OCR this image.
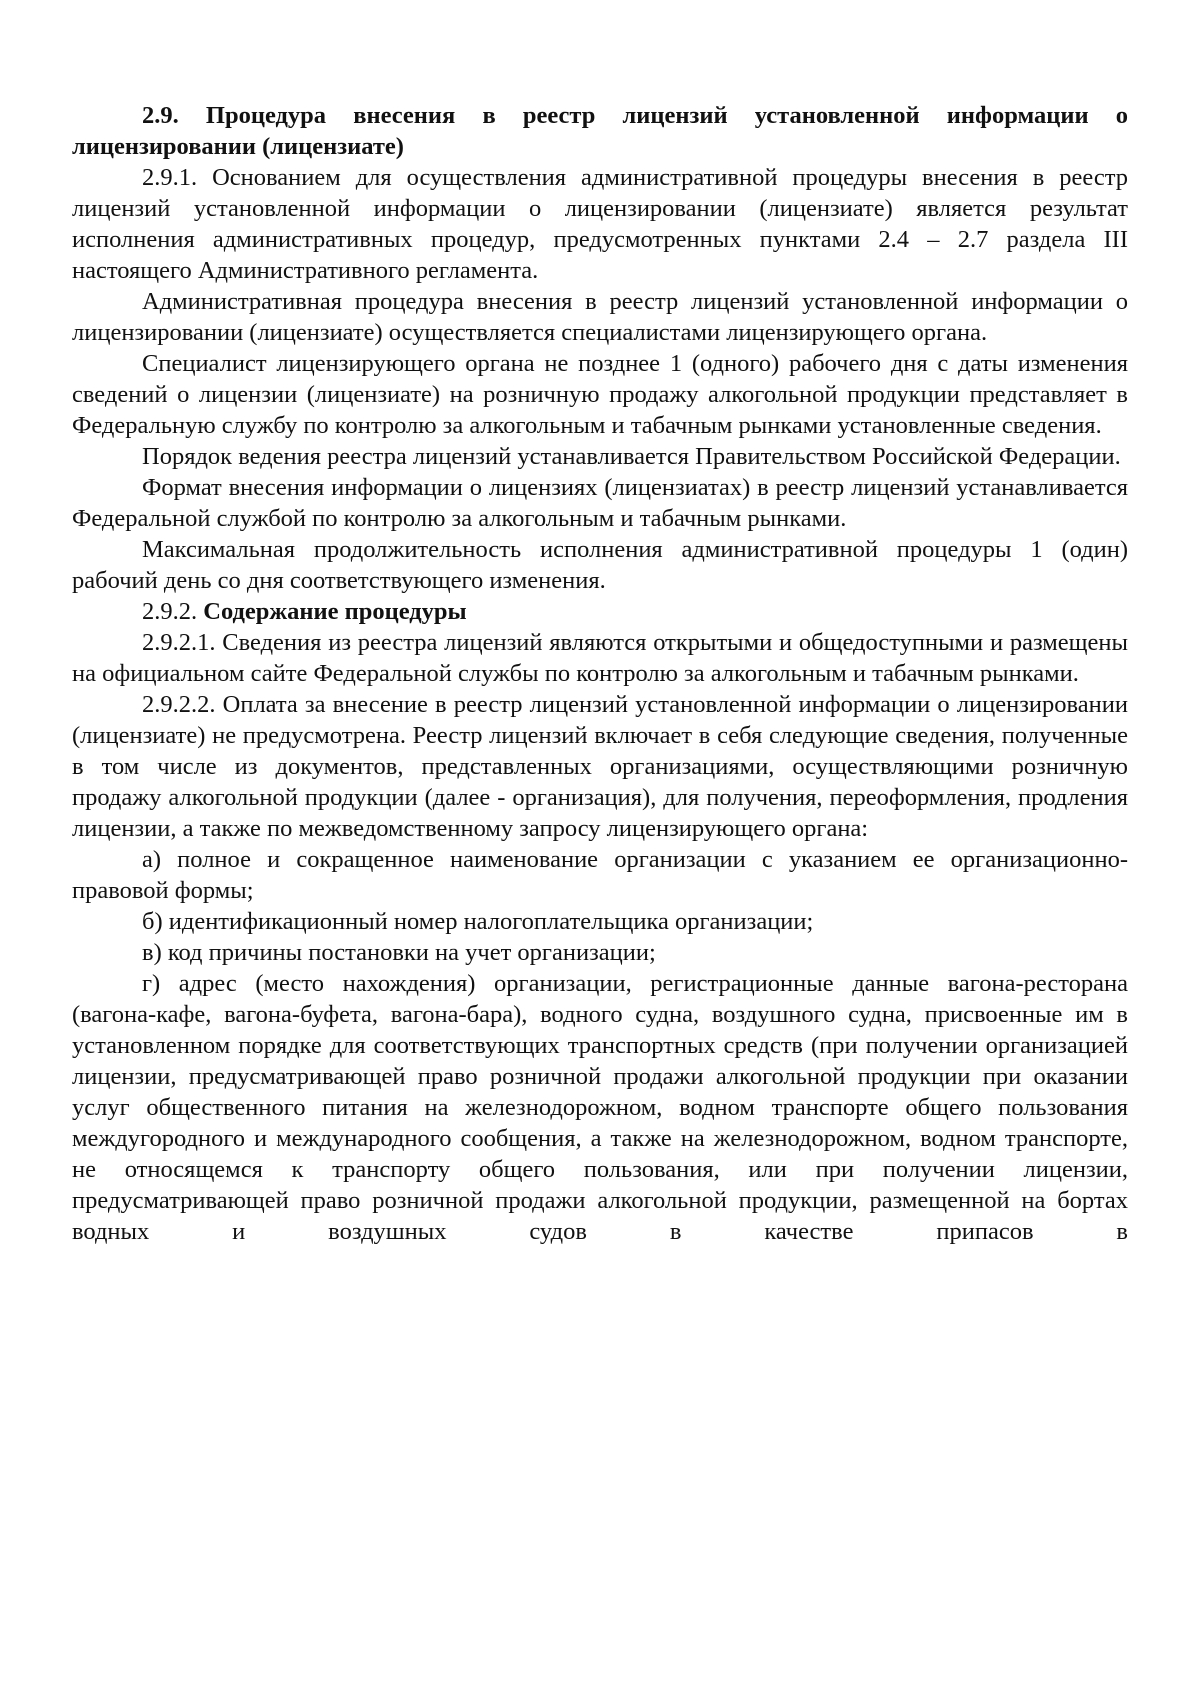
2.9. Процедура внесения в реестр лицензий установленной информации о лицензировании (лицензиате)

2.9.1. Основанием для осуществления административной процедуры внесения в реестр лицензий установленной информации о лицензировании (лицензиате) является результат исполнения административных процедур, предусмотренных пунктами 2.4 – 2.7 раздела III настоящего Административного регламента.

Административная процедура внесения в реестр лицензий установленной информации о лицензировании (лицензиате) осуществляется специалистами лицензирующего органа.

Специалист лицензирующего органа не позднее 1 (одного) рабочего дня с даты изменения сведений о лицензии (лицензиате) на розничную продажу алкогольной продукции представляет в Федеральную службу по контролю за алкогольным и табачным рынками установленные сведения.

Порядок ведения реестра лицензий устанавливается Правительством Российской Федерации.

Формат внесения информации о лицензиях (лицензиатах) в реестр лицензий устанавливается Федеральной службой по контролю за алкогольным и табачным рынками.

Максимальная продолжительность исполнения административной процедуры 1 (один) рабочий день со дня соответствующего изменения.

2.9.2. Содержание процедуры

2.9.2.1. Сведения из реестра лицензий являются открытыми и общедоступными и размещены на официальном сайте Федеральной службы по контролю за алкогольным и табачным рынками.

2.9.2.2. Оплата за внесение в реестр лицензий установленной информации о лицензировании (лицензиате) не предусмотрена. Реестр лицензий включает в себя следующие сведения, полученные в том числе из документов, представленных организациями, осуществляющими розничную продажу алкогольной продукции (далее - организация), для получения, переоформления, продления лицензии, а также по межведомственному запросу лицензирующего органа:

а) полное и сокращенное наименование организации с указанием ее организационно-правовой формы;

б) идентификационный номер налогоплательщика организации;

в) код причины постановки на учет организации;

г) адрес (место нахождения) организации, регистрационные данные вагона-ресторана (вагона-кафе, вагона-буфета, вагона-бара), водного судна, воздушного судна, присвоенные им в установленном порядке для соответствующих транспортных средств (при получении организацией лицензии, предусматривающей право розничной продажи алкогольной продукции при оказании услуг общественного питания на железнодорожном, водном транспорте общего пользования междугородного и международного сообщения, а также на железнодорожном, водном транспорте, не относящемся к транспорту общего пользования, или при получении лицензии, предусматривающей право розничной продажи алкогольной продукции, размещенной на бортах водных и воздушных судов в качестве припасов в
